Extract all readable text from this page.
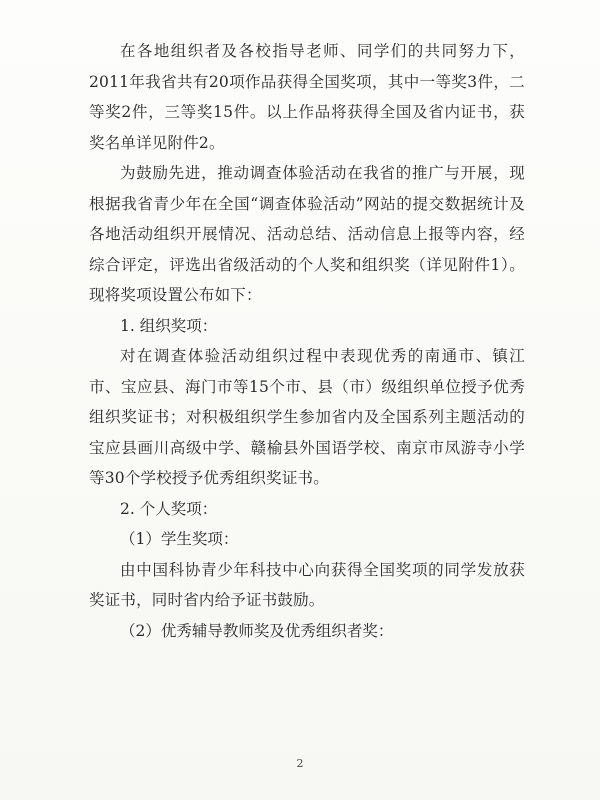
在各地组织者及各校指导老师、同学们的共同努力下，2011年我省共有20项作品获得全国奖项，其中一等奖3件，二等奖2件，三等奖15件。以上作品将获得全国及省内证书，获奖名单详见附件2。

为鼓励先进，推动调查体验活动在我省的推广与开展，现根据我省青少年在全国“调查体验活动”网站的提交数据统计及各地活动组织开展情况、活动总结、活动信息上报等内容，经综合评定，评选出省级活动的个人奖和组织奖（详见附件1）。现将奖项设置公布如下：

1. 组织奖项：

对在调查体验活动组织过程中表现优秀的南通市、镇江市、宝应县、海门市等15个市、县（市）级组织单位授予优秀组织奖证书；对积极组织学生参加省内及全国系列主题活动的宝应县画川高级中学、赣榆县外国语学校、南京市凤游寺小学等30个学校授予优秀组织奖证书。

2. 个人奖项：

（1）学生奖项：

由中国科协青少年科技中心向获得全国奖项的同学发放获奖证书，同时省内给予证书鼓励。

（2）优秀辅导教师奖及优秀组织者奖：

2
